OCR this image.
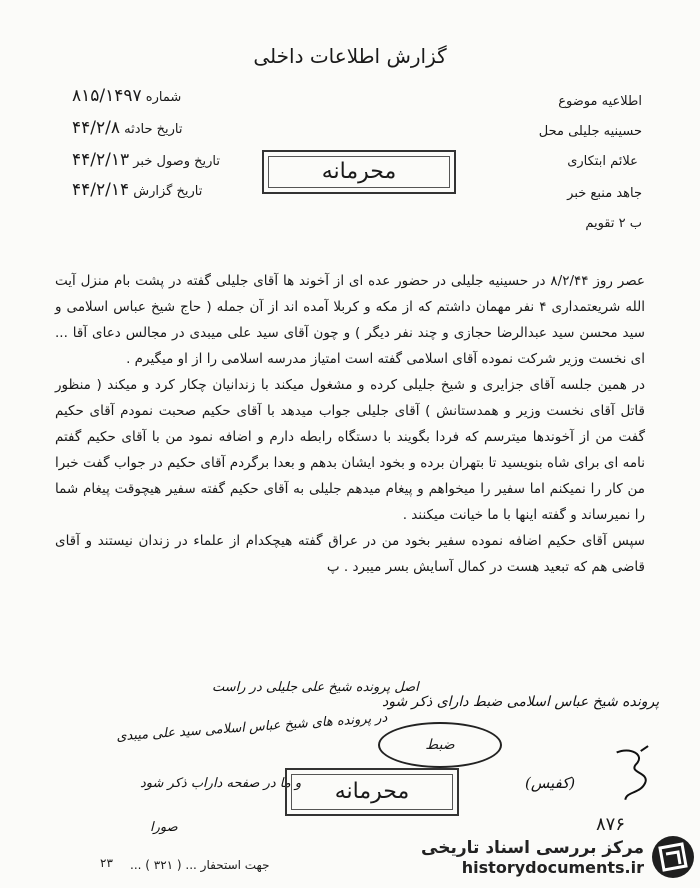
گزارش اطلاعات داخلی
موضوع اطلاعیه
محل حسینیه جلیلی
علائم ابتکاری
منبع خبر جاهد
تقویم ب ۲
شماره ۸۱۵/۱۴۹۷
تاریخ حادثه ۴۴/۲/۸
تاریخ وصول خبر ۴۴/۲/۱۳
تاریخ گزارش ۴۴/۲/۱۴
محرمانه

عصر روز ۸/۲/۴۴ در حسینیه جلیلی در حضور عده ای از آخوند ها آقای جلیلی گفته در پشت بام منزل آیت الله شریعتمداری ۴ نفر مهمان داشتم که از مکه و کربلا آمده اند از آن جمله ( حاج شیخ عباس اسلامی و سید محسن سید عبدالرضا حجازی و چند نفر دیگر ) و چون آقای سید علی میبدی در مجالس دعای آقا ... ای نخست وزیر شرکت نموده آقای اسلامی گفته است امتیاز مدرسه اسلامی را از او میگیرم .

در همین جلسه آقای جزایری و شیخ جلیلی کرده و مشغول میکند با زندانیان چکار کرد و میکند ( منظور قاتل آقای نخست وزیر و همدستانش ) آقای جلیلی جواب میدهد با آقای حکیم صحبت نمودم آقای حکیم گفت من از آخوندها میترسم که فردا بگویند با دستگاه رابطه دارم و اضافه نمود من با آقای حکیم گفتم نامه ای برای شاه بنویسید تا بتهران برده و بخود ایشان بدهم و بعدا برگردم آقای حکیم در جواب گفت خبرا من کار را نمیکنم اما سفیر را میخواهم و پیغام میدهم جلیلی به آقای حکیم گفته سفیر هیچوقت پیغام شما را نمیرساند و گفته اینها با ما خیانت میکنند .

سپس آقای حکیم اضافه نموده سفیر بخود من در عراق گفته هیچکدام از علماء در زندان نیستند و آقای قاضی هم که تبعید هست در کمال آسایش بسر میبرد . پ

اصل پرونده شیخ علی جلیلی در راست
در پرونده های شیخ عباس اسلامی سید علی میبدی
و ما در صفحه داراب ذکر شود
صورا
پرونده شیخ عباس اسلامی ضبط دارای ذکر شود
ضبط
(کفیس)
محرمانه
۸۷۶
۲۳ جهت استحفار ... ( ۳۲۱ ) ...
مرکز بررسی اسناد تاریخی
historydocuments.ir
